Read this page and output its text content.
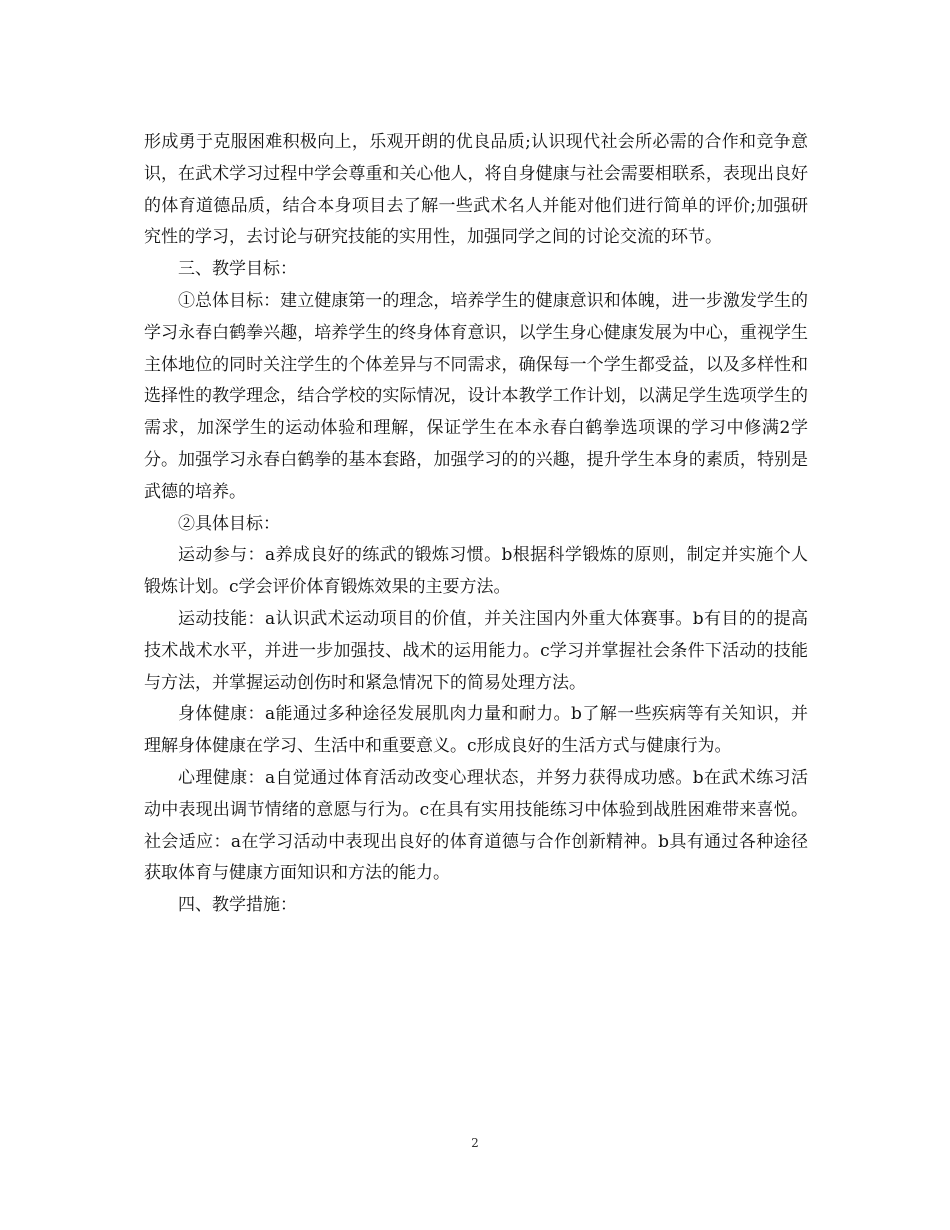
形成勇于克服困难积极向上，乐观开朗的优良品质;认识现代社会所必需的合作和竞争意识，在武术学习过程中学会尊重和关心他人，将自身健康与社会需要相联系，表现出良好的体育道德品质，结合本身项目去了解一些武术名人并能对他们进行简单的评价;加强研究性的学习，去讨论与研究技能的实用性，加强同学之间的讨论交流的环节。

三、教学目标：

①总体目标：建立健康第一的理念，培养学生的健康意识和体魄，进一步激发学生的学习永春白鹤拳兴趣，培养学生的终身体育意识，以学生身心健康发展为中心，重视学生主体地位的同时关注学生的个体差异与不同需求，确保每一个学生都受益，以及多样性和选择性的教学理念，结合学校的实际情况，设计本教学工作计划，以满足学生选项学生的需求，加深学生的运动体验和理解，保证学生在本永春白鹤拳选项课的学习中修满2学分。加强学习永春白鹤拳的基本套路，加强学习的的兴趣，提升学生本身的素质，特别是武德的培养。

②具体目标：

运动参与：a养成良好的练武的锻炼习惯。b根据科学锻炼的原则，制定并实施个人锻炼计划。c学会评价体育锻炼效果的主要方法。

运动技能：a认识武术运动项目的价值，并关注国内外重大体赛事。b有目的的提高技术战术水平，并进一步加强技、战术的运用能力。c学习并掌握社会条件下活动的技能与方法，并掌握运动创伤时和紧急情况下的简易处理方法。

身体健康：a能通过多种途径发展肌肉力量和耐力。b了解一些疾病等有关知识，并理解身体健康在学习、生活中和重要意义。c形成良好的生活方式与健康行为。

心理健康：a自觉通过体育活动改变心理状态，并努力获得成功感。b在武术练习活动中表现出调节情绪的意愿与行为。c在具有实用技能练习中体验到战胜困难带来喜悦。社会适应：a在学习活动中表现出良好的体育道德与合作创新精神。b具有通过各种途径获取体育与健康方面知识和方法的能力。

四、教学措施：

2
